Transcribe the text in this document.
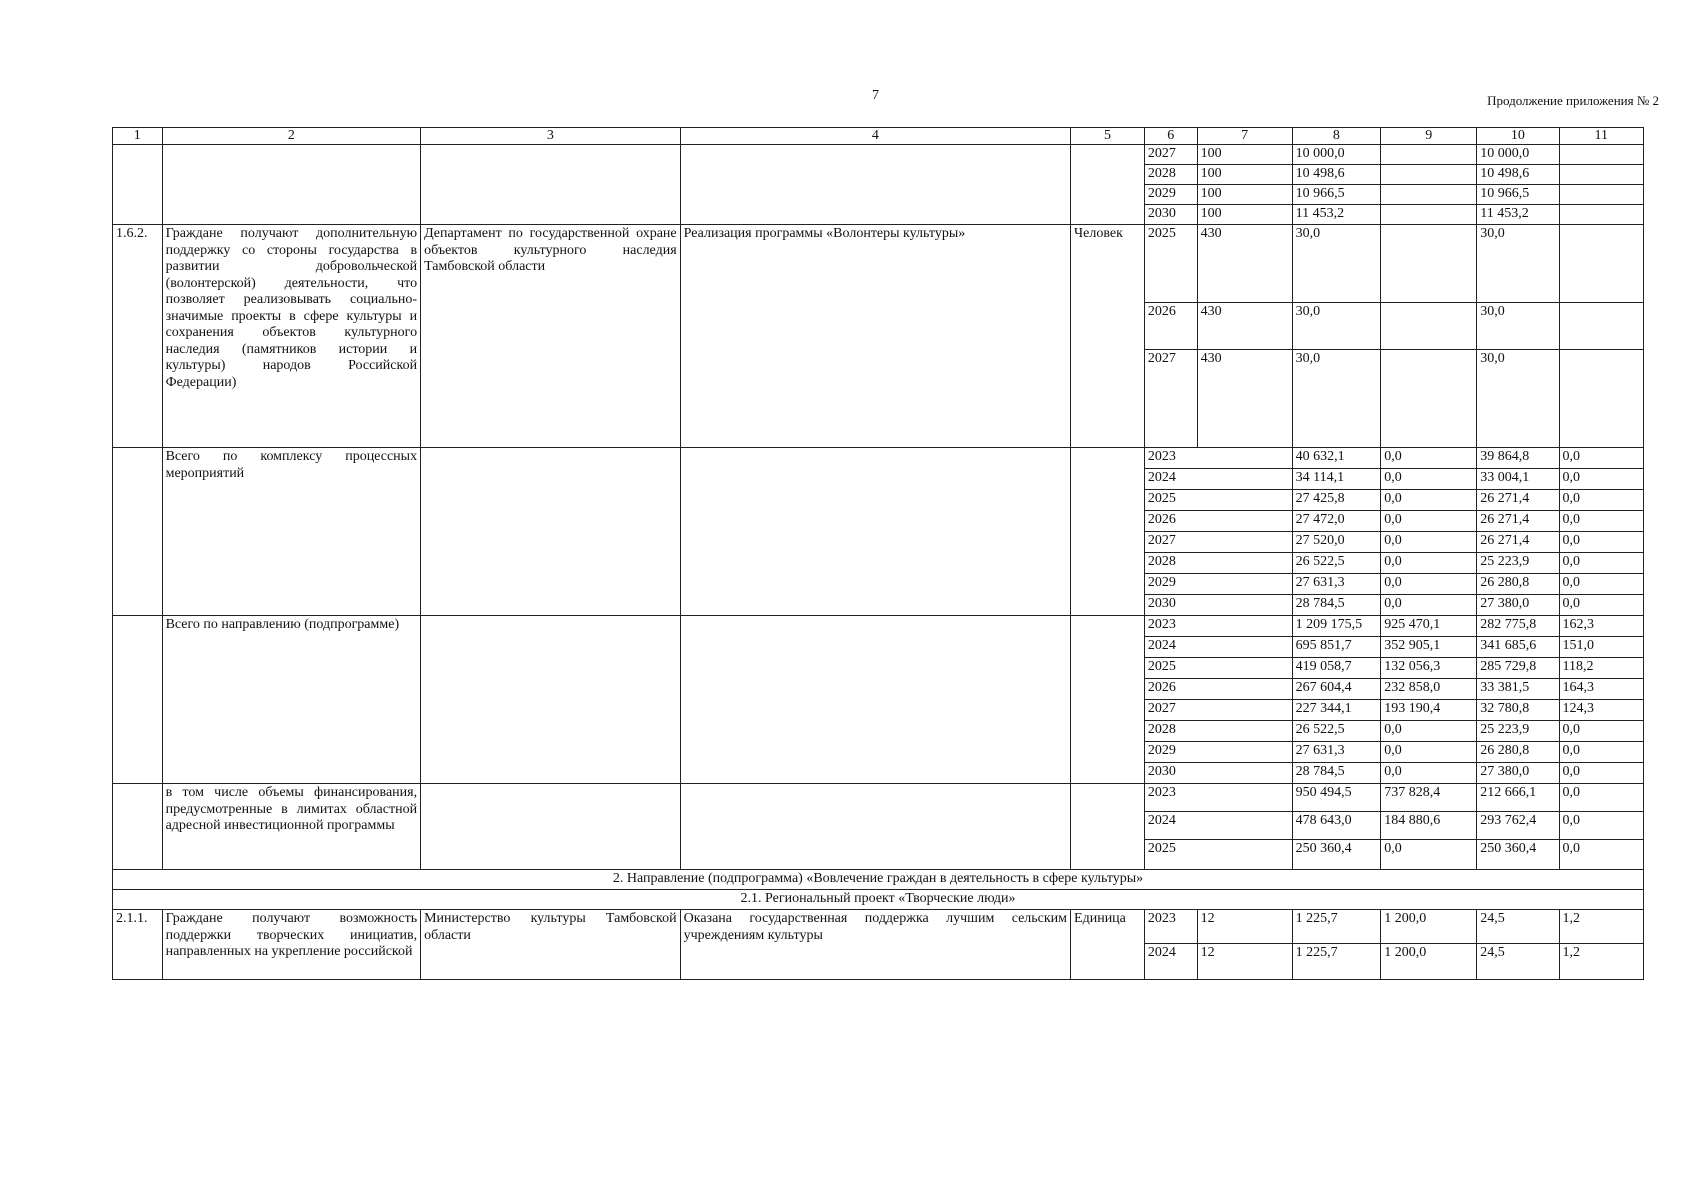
7	Продолжение приложения № 2
1	2	3	4	5	6	7	8	9	10	11
					2027	100	10 000,0		10 000,0	
					2028	100	10 498,6		10 498,6	
					2029	100	10 966,5		10 966,5	
					2030	100	11 453,2		11 453,2	
1.6.2.	Граждане получают дополнительную поддержку со стороны государства в развитии добровольческой (волонтерской) деятельности, что позволяет реализовывать социально-значимые проекты в сфере культуры и сохранения объектов культурного наследия (памятников истории и культуры) народов Российской Федерации)	Департамент по государственной охране объектов культурного наследия Тамбовской области	Реализация программы «Волонтеры культуры»	Человек	2025	430	30,0		30,0	
					2026	430	30,0		30,0	
					2027	430	30,0		30,0	
	Всего по комплексу процессных мероприятий				2023		40 632,1	0,0	39 864,8	0,0
					2024		34 114,1	0,0	33 004,1	0,0
					2025		27 425,8	0,0	26 271,4	0,0
					2026		27 472,0	0,0	26 271,4	0,0
					2027		27 520,0	0,0	26 271,4	0,0
					2028		26 522,5	0,0	25 223,9	0,0
					2029		27 631,3	0,0	26 280,8	0,0
					2030		28 784,5	0,0	27 380,0	0,0
	Всего по направлению (подпрограмме)				2023		1 209 175,5	925 470,1	282 775,8	162,3
					2024		695 851,7	352 905,1	341 685,6	151,0
					2025		419 058,7	132 056,3	285 729,8	118,2
					2026		267 604,4	232 858,0	33 381,5	164,3
					2027		227 344,1	193 190,4	32 780,8	124,3
					2028		26 522,5	0,0	25 223,9	0,0
					2029		27 631,3	0,0	26 280,8	0,0
					2030		28 784,5	0,0	27 380,0	0,0
	в том числе объемы финансирования, предусмотренные в лимитах областной адресной инвестиционной программы				2023		950 494,5	737 828,4	212 666,1	0,0
					2024		478 643,0	184 880,6	293 762,4	0,0
					2025		250 360,4	0,0	250 360,4	0,0
2. Направление (подпрограмма) «Вовлечение граждан в деятельность в сфере культуры»										
2.1. Региональный проект «Творческие люди»										
2.1.1.	Граждане получают возможность поддержки творческих инициатив, направленных на укрепление российской	Министерство культуры Тамбовской области	Оказана государственная поддержка лучшим сельским учреждениям культуры	Единица	2023	12	1 225,7	1 200,0	24,5	1,2
					2024	12	1 225,7	1 200,0	24,5	1,2
